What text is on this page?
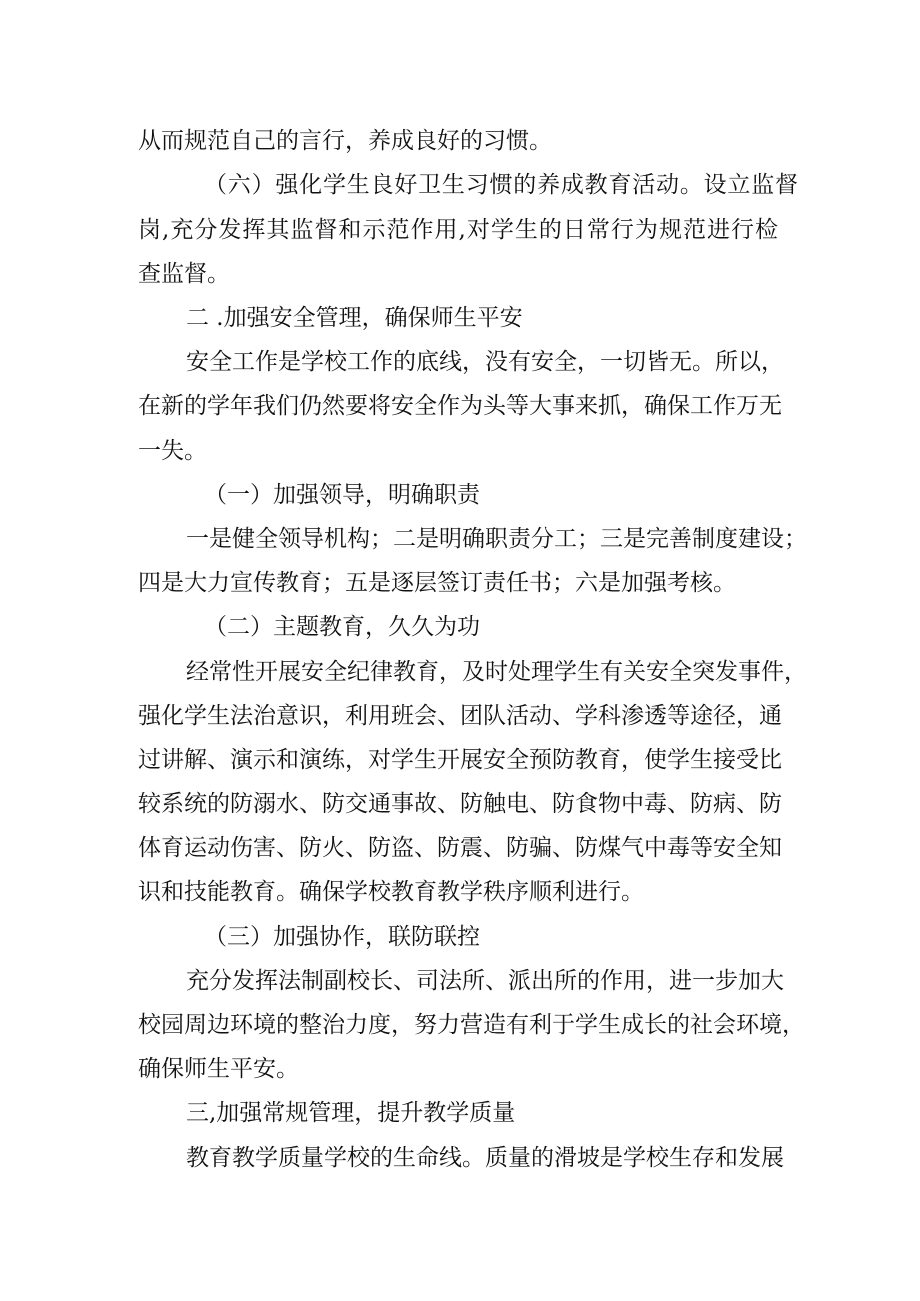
从而规范自己的言行，养成良好的习惯。
（六）强化学生良好卫生习惯的养成教育活动。设立监督
岗,充分发挥其监督和示范作用,对学生的日常行为规范进行检
查监督。
二 .加强安全管理，确保师生平安
安全工作是学校工作的底线，没有安全，一切皆无。所以，
在新的学年我们仍然要将安全作为头等大事来抓，确保工作万无
一失。
（一）加强领导，明确职责
一是健全领导机构；二是明确职责分工；三是完善制度建设；
四是大力宣传教育；五是逐层签订责任书；六是加强考核。
（二）主题教育，久久为功
经常性开展安全纪律教育，及时处理学生有关安全突发事件，
强化学生法治意识，利用班会、团队活动、学科渗透等途径，通
过讲解、演示和演练，对学生开展安全预防教育，使学生接受比
较系统的防溺水、防交通事故、防触电、防食物中毒、防病、防
体育运动伤害、防火、防盗、防震、防骗、防煤气中毒等安全知
识和技能教育。确保学校教育教学秩序顺利进行。
（三）加强协作，联防联控
充分发挥法制副校长、司法所、派出所的作用，进一步加大
校园周边环境的整治力度，努力营造有利于学生成长的社会环境，
确保师生平安。
三,加强常规管理，提升教学质量
教育教学质量学校的生命线。质量的滑坡是学校生存和发展
